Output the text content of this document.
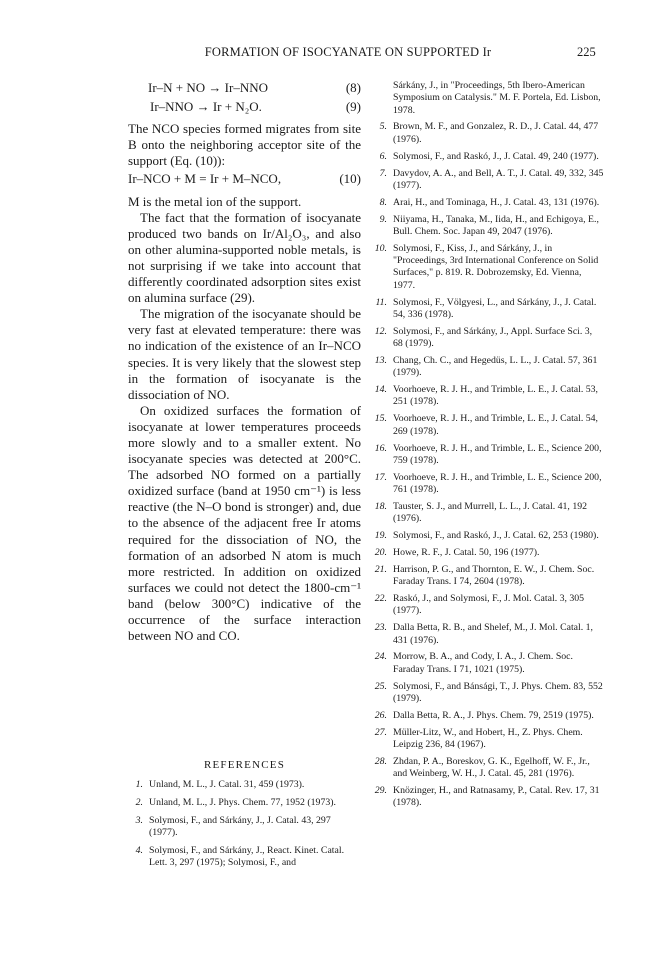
FORMATION OF ISOCYANATE ON SUPPORTED Ir	225
Ir–N + NO → Ir–NNO	(8)
Ir–NNO → Ir + N₂O.	(9)

The NCO species formed migrates from site B onto the neighboring acceptor site of the support (Eq. (10)):

Ir–NCO + M = Ir + M–NCO,	(10)

M is the metal ion of the support.

The fact that the formation of isocyanate produced two bands on Ir/Al₂O₃, and also on other alumina-supported noble metals, is not surprising if we take into account that differently coordinated adsorption sites exist on alumina surface (29).

The migration of the isocyanate should be very fast at elevated temperature: there was no indication of the existence of an Ir–NCO species. It is very likely that the slowest step in the formation of isocyanate is the dissociation of NO.

On oxidized surfaces the formation of isocyanate at lower temperatures proceeds more slowly and to a smaller extent. No isocyanate species was detected at 200°C. The adsorbed NO formed on a partially oxidized surface (band at 1950 cm⁻¹) is less reactive (the N–O bond is stronger) and, due to the absence of the adjacent free Ir atoms required for the dissociation of NO, the formation of an adsorbed N atom is much more restricted. In addition on oxidized surfaces we could not detect the 1800-cm⁻¹ band (below 300°C) indicative of the occurrence of the surface interaction between NO and CO.

REFERENCES
1. Unland, M. L., J. Catal. 31, 459 (1973).
2. Unland, M. L., J. Phys. Chem. 77, 1952 (1973).
3. Solymosi, F., and Sárkány, J., J. Catal. 43, 297 (1977).
4. Solymosi, F., and Sárkány, J., React. Kinet. Catal. Lett. 3, 297 (1975); Solymosi, F., and
Sárkány, J., in "Proceedings, 5th Ibero-American Symposium on Catalysis." M. F. Portela, Ed. Lisbon, 1978.
5. Brown, M. F., and Gonzalez, R. D., J. Catal. 44, 477 (1976).
6. Solymosi, F., and Raskó, J., J. Catal. 49, 240 (1977).
7. Davydov, A. A., and Bell, A. T., J. Catal. 49, 332, 345 (1977).
8. Arai, H., and Tominaga, H., J. Catal. 43, 131 (1976).
9. Niiyama, H., Tanaka, M., Iida, H., and Echigoya, E., Bull. Chem. Soc. Japan 49, 2047 (1976).
10. Solymosi, F., Kiss, J., and Sárkány, J., in "Proceedings, 3rd International Conference on Solid Surfaces," p. 819. R. Dobrozemsky, Ed. Vienna, 1977.
11. Solymosi, F., Völgyesi, L., and Sárkány, J., J. Catal. 54, 336 (1978).
12. Solymosi, F., and Sárkány, J., Appl. Surface Sci. 3, 68 (1979).
13. Chang, Ch. C., and Hegedüs, L. L., J. Catal. 57, 361 (1979).
14. Voorhoeve, R. J. H., and Trimble, L. E., J. Catal. 53, 251 (1978).
15. Voorhoeve, R. J. H., and Trimble, L. E., J. Catal. 54, 269 (1978).
16. Voorhoeve, R. J. H., and Trimble, L. E., Science 200, 759 (1978).
17. Voorhoeve, R. J. H., and Trimble, L. E., Science 200, 761 (1978).
18. Tauster, S. J., and Murrell, L. L., J. Catal. 41, 192 (1976).
19. Solymosi, F., and Raskó, J., J. Catal. 62, 253 (1980).
20. Howe, R. F., J. Catal. 50, 196 (1977).
21. Harrison, P. G., and Thornton, E. W., J. Chem. Soc. Faraday Trans. I 74, 2604 (1978).
22. Raskó, J., and Solymosi, F., J. Mol. Catal. 3, 305 (1977).
23. Dalla Betta, R. B., and Shelef, M., J. Mol. Catal. 1, 431 (1976).
24. Morrow, B. A., and Cody, I. A., J. Chem. Soc. Faraday Trans. I 71, 1021 (1975).
25. Solymosi, F., and Bánsági, T., J. Phys. Chem. 83, 552 (1979).
26. Dalla Betta, R. A., J. Phys. Chem. 79, 2519 (1975).
27. Müller-Litz, W., and Hobert, H., Z. Phys. Chem. Leipzig 236, 84 (1967).
28. Zhdan, P. A., Boreskov, G. K., Egelhoff, W. F., Jr., and Weinberg, W. H., J. Catal. 45, 281 (1976).
29. Knözinger, H., and Ratnasamy, P., Catal. Rev. 17, 31 (1978).
